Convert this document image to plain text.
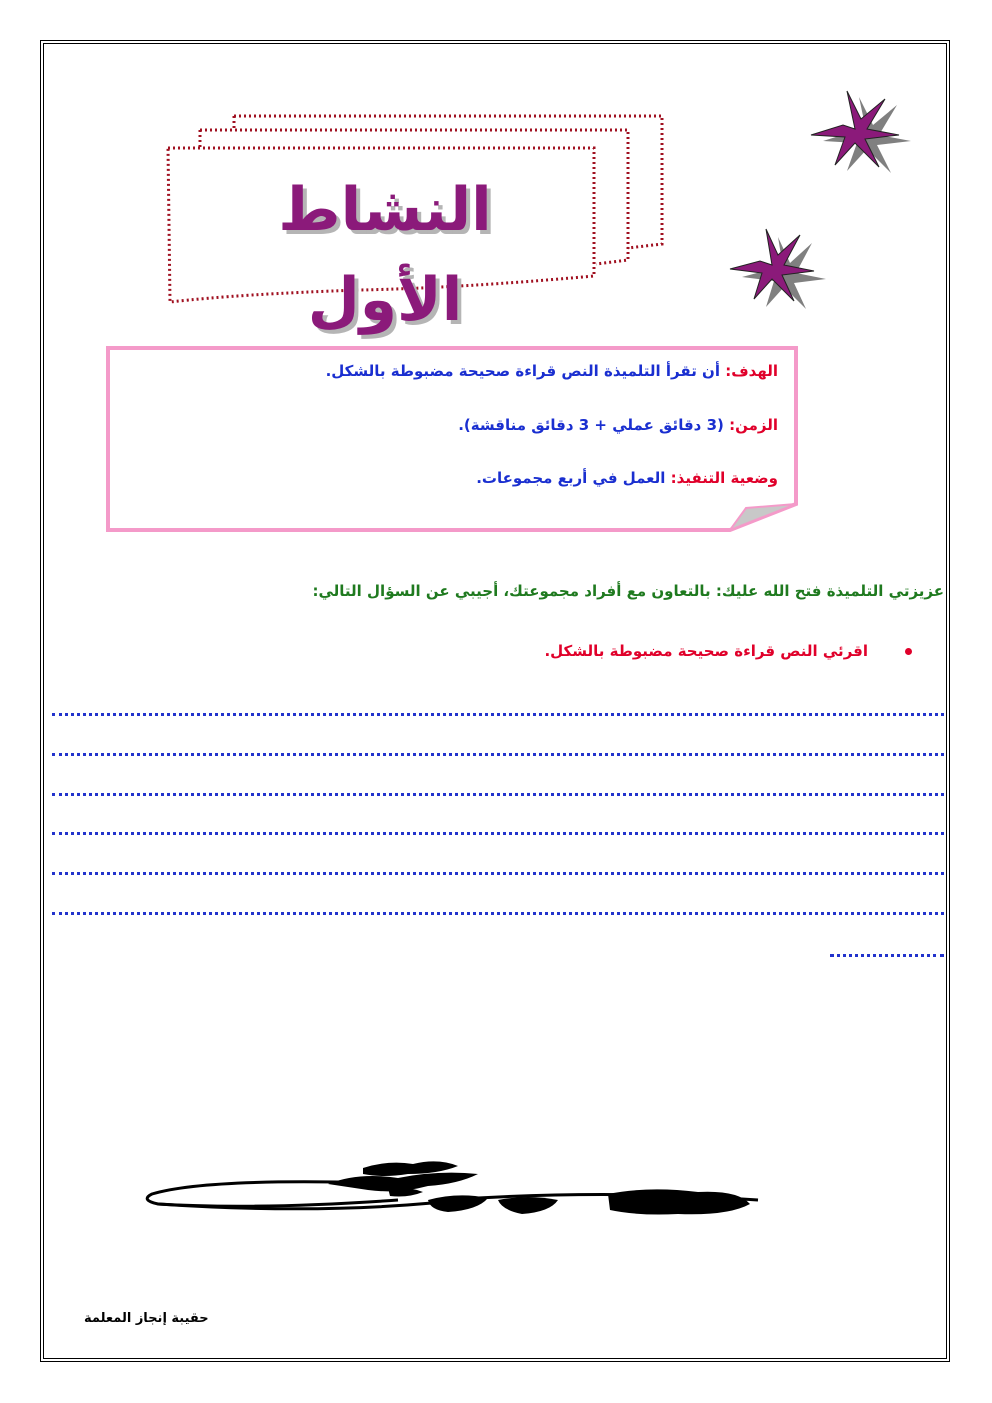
النشاط الأول
الهدف: أن تقرأ التلميذة النص قراءة صحيحة مضبوطة بالشكل.
الزمن: (3 دقائق عملي + 3 دقائق مناقشة).
وضعية التنفيذ: العمل في أربع مجموعات.
عزيزتي التلميذة فتح الله عليك: بالتعاون مع أفراد مجموعتك، أجيبي عن السؤال التالي:
اقرئي النص قراءة صحيحة مضبوطة بالشكل.
حقيبة إنجاز المعلمة
